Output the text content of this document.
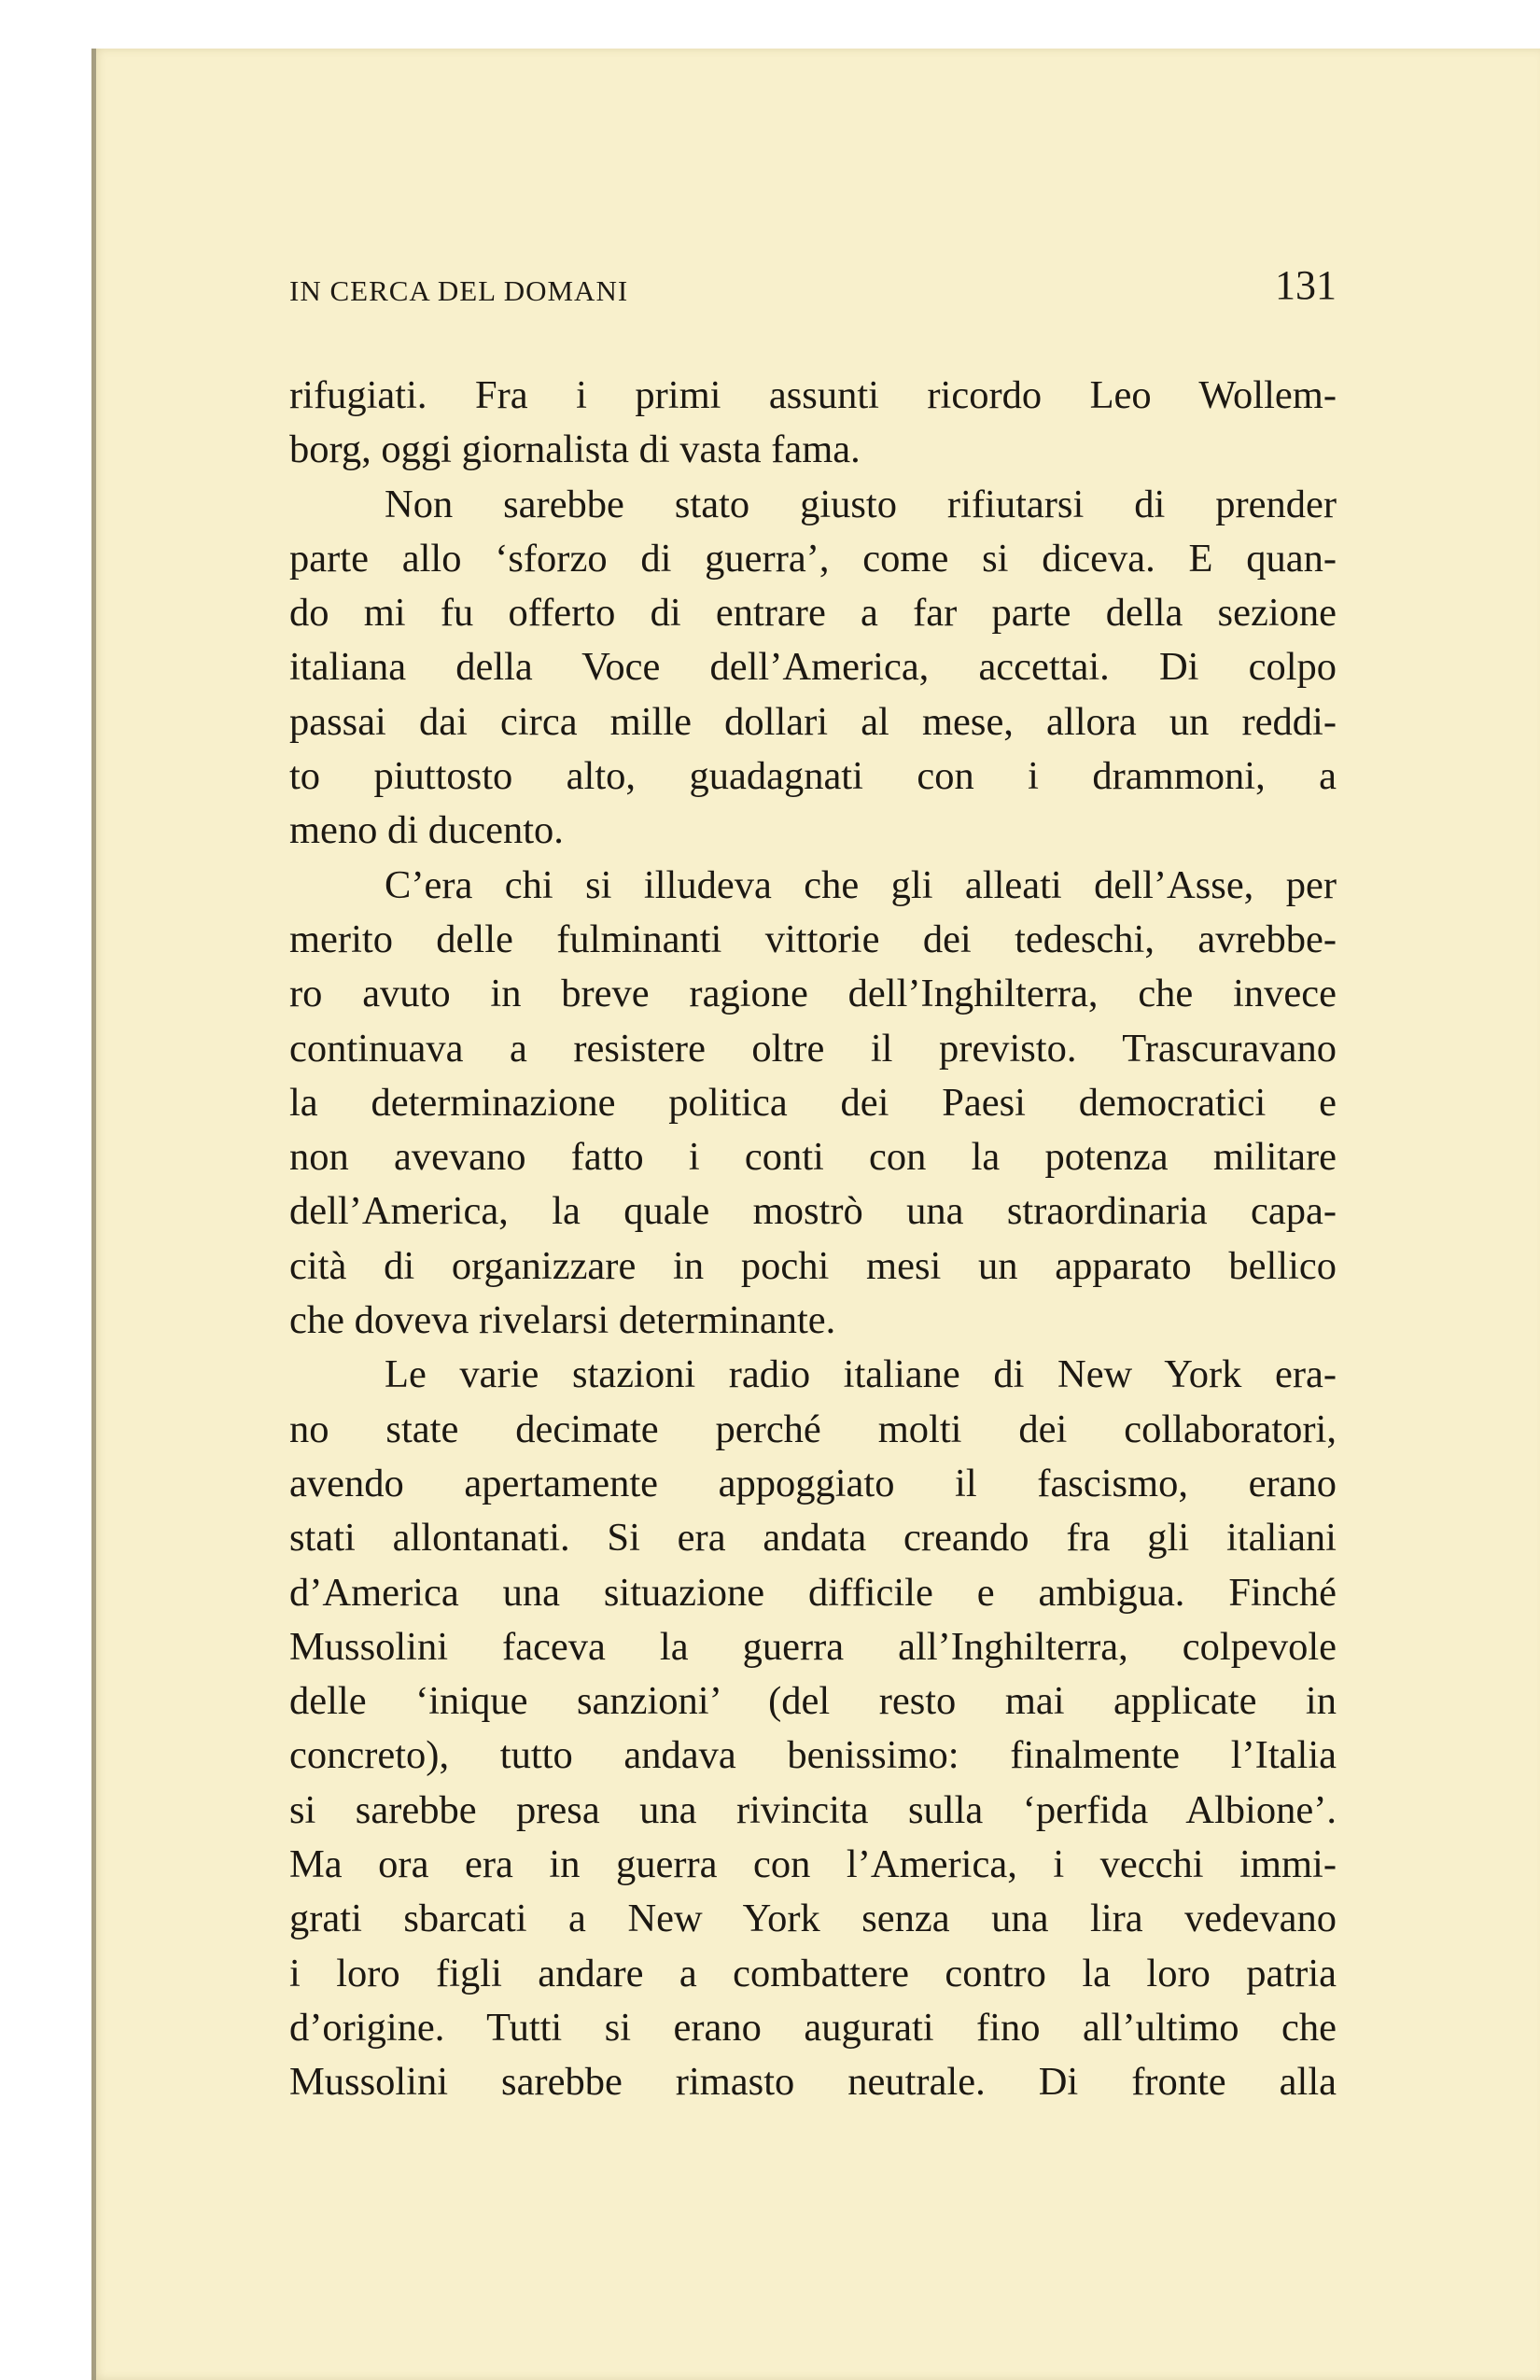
IN CERCA DEL DOMANI	131
rifugiati. Fra i primi assunti ricordo Leo Wollem-
borg, oggi giornalista di vasta fama.
Non sarebbe stato giusto rifiutarsi di prender
parte allo ‘sforzo di guerra’, come si diceva. E quan-
do mi fu offerto di entrare a far parte della sezione
italiana della Voce dell’America, accettai. Di colpo
passai dai circa mille dollari al mese, allora un reddi-
to piuttosto alto, guadagnati con i drammoni, a
meno di ducento.
C’era chi si illudeva che gli alleati dell’Asse, per
merito delle fulminanti vittorie dei tedeschi, avrebbe-
ro avuto in breve ragione dell’Inghilterra, che invece
continuava a resistere oltre il previsto. Trascuravano
la determinazione politica dei Paesi democratici e
non avevano fatto i conti con la potenza militare
dell’America, la quale mostrò una straordinaria capa-
cità di organizzare in pochi mesi un apparato bellico
che doveva rivelarsi determinante.
Le varie stazioni radio italiane di New York era-
no state decimate perché molti dei collaboratori,
avendo apertamente appoggiato il fascismo, erano
stati allontanati. Si era andata creando fra gli italiani
d’America una situazione difficile e ambigua. Finché
Mussolini faceva la guerra all’Inghilterra, colpevole
delle ‘inique sanzioni’ (del resto mai applicate in
concreto), tutto andava benissimo: finalmente l’Italia
si sarebbe presa una rivincita sulla ‘perfida Albione’.
Ma ora era in guerra con l’America, i vecchi immi-
grati sbarcati a New York senza una lira vedevano
i loro figli andare a combattere contro la loro patria
d’origine. Tutti si erano augurati fino all’ultimo che
Mussolini sarebbe rimasto neutrale. Di fronte alla
